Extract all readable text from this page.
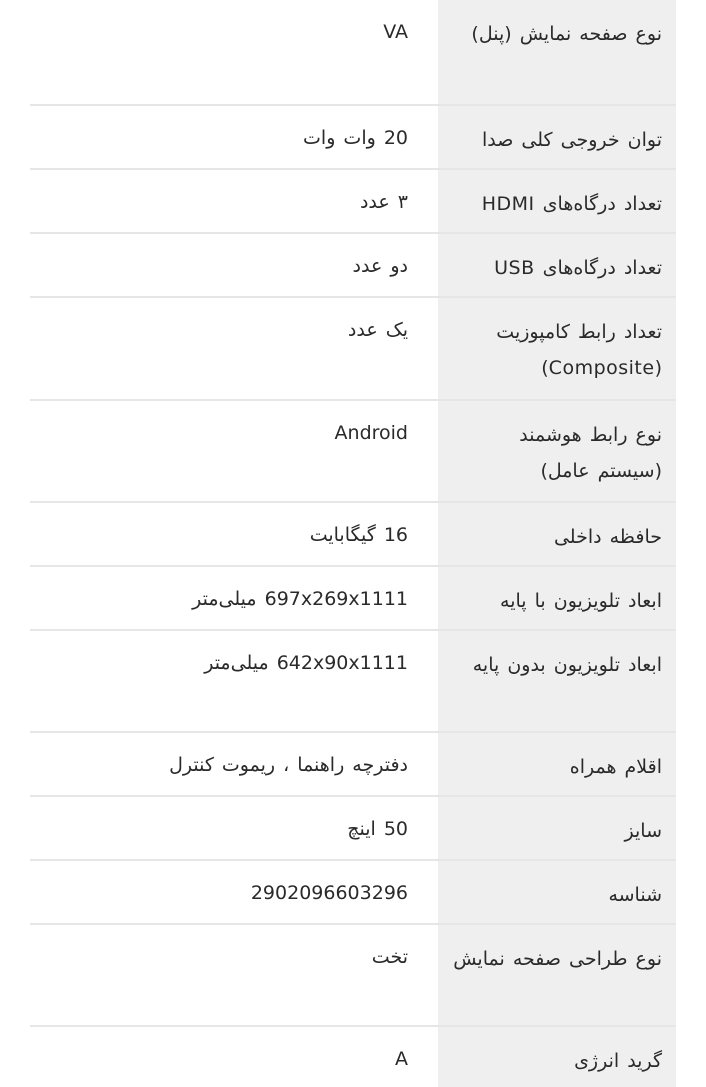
نوع صفحه نمایش (پنل)
VA
توان خروجی کلی صدا
20 وات وات
تعداد درگاه‌های HDMI
۳ عدد
تعداد درگاه‌های USB
دو عدد
تعداد رابط کامپوزیت (Composite)
یک عدد
نوع رابط هوشمند (سیستم عامل)
Android
حافظه داخلی
16 گیگابایت
ابعاد تلویزیون با پایه
697x269x1111 میلی‌متر
ابعاد تلویزیون بدون پایه
642x90x1111 میلی‌متر
اقلام همراه
دفترچه راهنما ، ریموت کنترل
سایز
50 اینچ
شناسه
2902096603296
نوع طراحی صفحه نمایش
تخت
گرید انرژی
A
